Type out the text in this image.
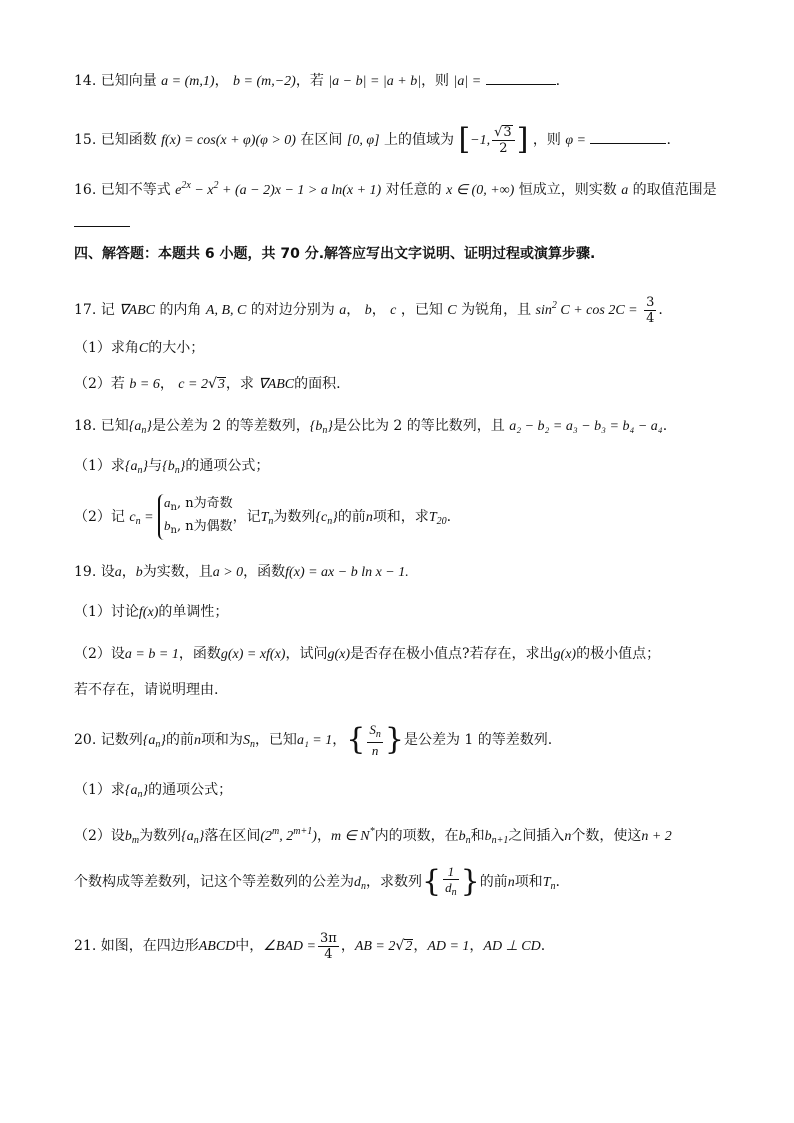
14. 已知向量 a = (m,1)， b = (m,−2)，若 |a − b| = |a + b|，则 |a| =	.
15. 已知函数 f(x) = cos(x + φ)(φ > 0) 在区间 [0, φ] 上的值域为 [−1, $\frac{√3}{2}$ ] ，则 φ =	.
16. 已知不等式 $e^{2x} - x^2 + (a - 2)x - 1 > a$ ln(x + 1) 对任意的 x ∈ (0, +∞) 恒成立，则实数 a 的取值范围是
四、解答题：本题共 6 小题，共 70 分.解答应写出文字说明、证明过程或演算步骤.
17. 记 ∇ABC 的内角 A, B, C 的对边分别为 a， b， c ，已知 C 为锐角，且 $\sin^2 C + \cos 2C = \frac{3}{4}$ .
（1）求角C的大小；
（2）若 b = 6， c = 2√3，求 ∇ABC的面积.
18. 已知$\{a_n\}$是公差为 2 的等差数列，$\{b_n\}$是公比为 2 的等比数列，且 a₂ − b₂ = a₃ − b₃ = b₄ − a₄.
（1）求$\{a_n\}$与$\{b_n\}$的通项公式；
（2）记 $c_n$ =
$a_n$, n为奇数
$b_n$, n为偶数
，记$T_n$为数列$\{c_n\}$的前n项和，求$T_{20}$.
19. 设a，b为实数，且a > 0，函数f(x) = ax − b ln x − 1.
（1）讨论f(x)的单调性；
（2）设a = b = 1，函数g(x) = xf(x)，试问g(x)是否存在极小值点?若存在，求出g(x)的极小值点；
若不存在，请说明理由.
20. 记数列$\{a_n\}$的前n项和为$S_n$，已知a₁ = 1，{ $\frac{S_n}{n}$ }是公差为 1 的等差数列.
（1）求$\{a_n\}$的通项公式；
（2）设$b_m$为数列$\{a_n\}$落在区间(2$^m$, $2^{m+1}$)，m ∈ N*内的项数，在$b_n$和$b_{n+1}$之间插入n个数，使这n + 2
个数构成等差数列，记这个等差数列的公差为$d_n$，求数列{ $\frac{1}{d_n}$ }的前n项和$T_n$.
21. 如图，在四边形ABCD中，∠BAD = $\frac{3\pi}{4}$ ，AB = 2√2，AD = 1，AD ⊥ CD.
